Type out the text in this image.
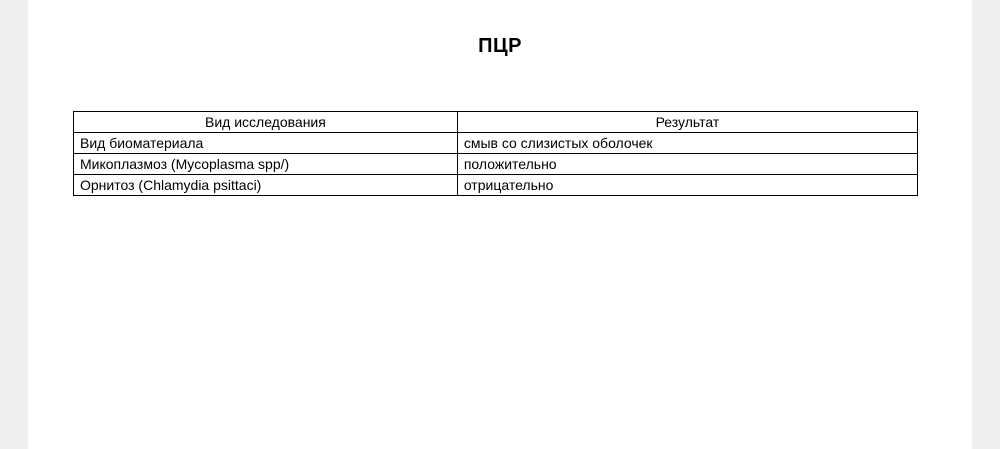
ПЦР
Вид исследования	Результат
Вид биоматериала	смыв со слизистых оболочек
Микоплазмоз (Mycoplasma spp/)	положительно
Орнитоз (Chlamydia psittaci)	отрицательно
